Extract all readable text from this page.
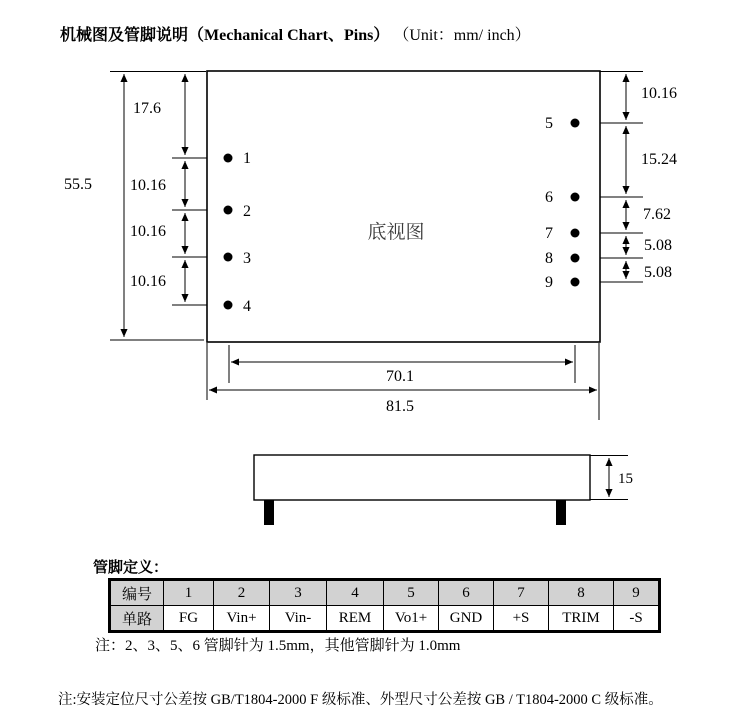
机械图及管脚说明（Mechanical Chart、Pins） （Unit：mm/ inch）
底视图
1
2
3
4
5
6
7
8
9
55.5
17.6
10.16
10.16
10.16
10.16
15.24
7.62
5.08
5.08
70.1
81.5
15
管脚定义：
编号	1	2	3	4	5	6	7	8	9
单路	FG	Vin+	Vin-	REM	Vo1+	GND	+S	TRIM	-S
注：2、3、5、6 管脚针为 1.5mm，其他管脚针为 1.0mm
注:安装定位尺寸公差按 GB/T1804-2000 F 级标准、外型尺寸公差按 GB / T1804-2000 C 级标准。
